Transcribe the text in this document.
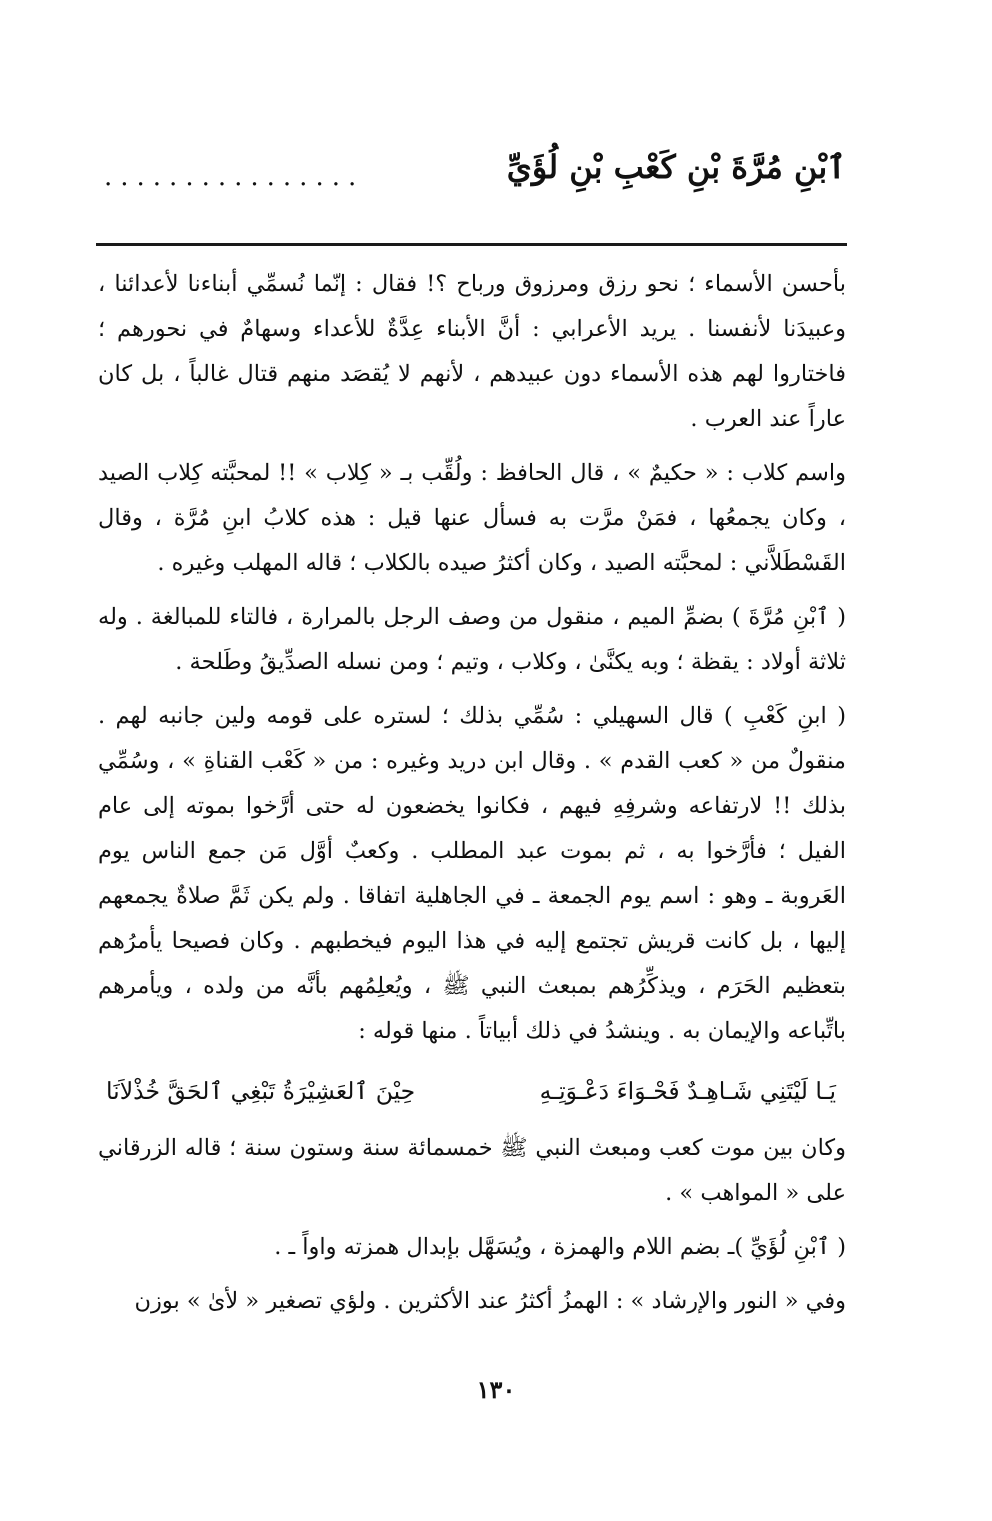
ٱبْنِ مُرَّةَ بْنِ كَعْبِ بْنِ لُؤَيِّ
................

بأحسن الأسماء ؛ نحو رزق ومرزوق ورباح ؟! فقال : إنّما نُسمِّي أبناءنا لأعدائنا ، وعبيدَنا لأنفسنا . يريد الأعرابي : أنَّ الأبناء عِدَّةٌ للأعداء وسهامٌ في نحورهم ؛ فاختاروا لهم هذه الأسماء دون عبيدهم ، لأنهم لا يُقصَد منهم قتال غالباً ، بل كان عاراً عند العرب .

واسم كلاب : « حكيمٌ » ، قال الحافظ : ولُقِّب بـ « كِلاب » !! لمحبَّته كِلاب الصيد ، وكان يجمعُها ، فمَنْ مرَّت به فسأل عنها قيل : هذه كلابُ ابنِ مُرَّة ، وقال القَسْطَلاَّني : لمحبَّته الصيد ، وكان أكثرُ صيده بالكلاب ؛ قاله المهلب وغيره .

( ٱبْنِ مُرَّةَ ) بضمِّ الميم ، منقول من وصف الرجل بالمرارة ، فالتاء للمبالغة . وله ثلاثة أولاد : يقظة ؛ وبه يكنَّىٰ ، وكلاب ، وتيم ؛ ومن نسله الصدِّيقُ وطَلحة .

( ابنِ كَعْبِ ) قال السهيلي : سُمِّي بذلك ؛ لستره على قومه ولين جانبه لهم . منقولٌ من « كعب القدم » . وقال ابن دريد وغيره : من « كَعْب القناةِ » ، وسُمِّي بذلك !! لارتفاعه وشرفِهِ فيهم ، فكانوا يخضعون له حتى أرَّخوا بموته إلى عام الفيل ؛ فأرَّخوا به ، ثم بموت عبد المطلب . وكعبٌ أوَّل مَن جمع الناس يوم العَروبة ـ وهو : اسم يوم الجمعة ـ في الجاهلية اتفاقا . ولم يكن ثَمَّ صلاةٌ يجمعهم إليها ، بل كانت قريش تجتمع إليه في هذا اليوم فيخطبهم . وكان فصيحا يأمرُهم بتعظيم الحَرَم ، ويذكِّرُهم بمبعث النبي ﷺ ، ويُعلِمُهم بأنَّه من ولده ، ويأمرهم باتِّباعه والإيمان به . وينشدُ في ذلك أبياتاً . منها قوله :

يَـا لَيْتَنِي شَـاهِـدٌ فَحْـوَاءَ دَعْـوَتِـهِ
حِيْنَ ٱلعَشِيْرَةُ تَبْغِي ٱلحَقَّ خُذْلاَنَا

وكان بين موت كعب ومبعث النبي ﷺ خمسمائة سنة وستون سنة ؛ قاله الزرقاني على « المواهب » .

( ٱبْنِ لُؤَيِّ )ـ بضم اللام والهمزة ، ويُسَهَّل بإبدال همزته واواً ـ .

وفي « النور والإرشاد » : الهمزُ أكثرُ عند الأكثرين . ولؤي تصغير « لأىٰ » بوزن

١٣٠
